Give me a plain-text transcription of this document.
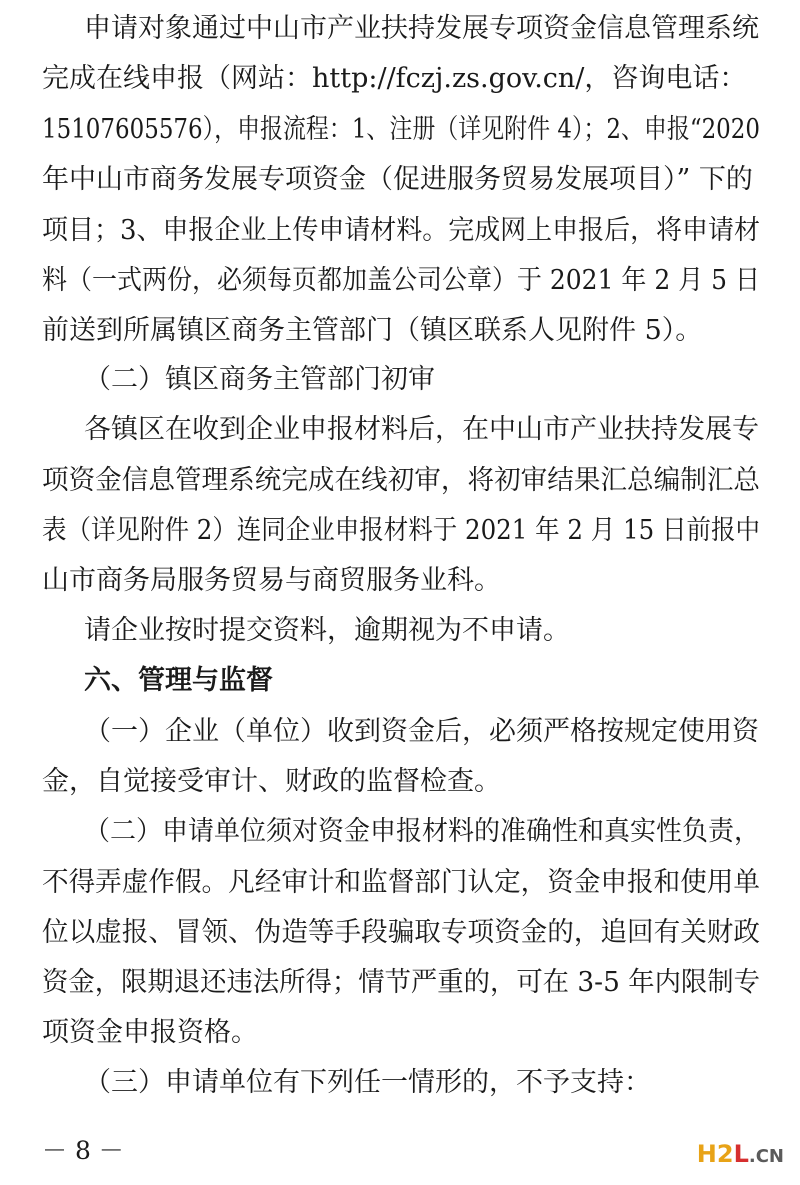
申请对象通过中山市产业扶持发展专项资金信息管理系统
完成在线申报（网站：http://fczj.zs.gov.cn/，咨询电话：
15107605576），申报流程：1、注册（详见附件 4）；2、申报“2020
年中山市商务发展专项资金（促进服务贸易发展项目）” 下的
项目；3、申报企业上传申请材料。完成网上申报后，将申请材
料（一式两份，必须每页都加盖公司公章）于 2021 年 2 月 5 日
前送到所属镇区商务主管部门（镇区联系人见附件 5）。
（二）镇区商务主管部门初审
各镇区在收到企业申报材料后，在中山市产业扶持发展专
项资金信息管理系统完成在线初审，将初审结果汇总编制汇总
表（详见附件 2）连同企业申报材料于 2021 年 2 月 15 日前报中
山市商务局服务贸易与商贸服务业科。
请企业按时提交资料，逾期视为不申请。
六、管理与监督
（一）企业（单位）收到资金后，必须严格按规定使用资
金，自觉接受审计、财政的监督检查。
（二）申请单位须对资金申报材料的准确性和真实性负责，
不得弄虚作假。凡经审计和监督部门认定，资金申报和使用单
位以虚报、冒领、伪造等手段骗取专项资金的，追回有关财政
资金，限期退还违法所得；情节严重的，可在 3-5 年内限制专
项资金申报资格。
（三）申请单位有下列任一情形的，不予支持：
－ 8 －	H2L.CN
